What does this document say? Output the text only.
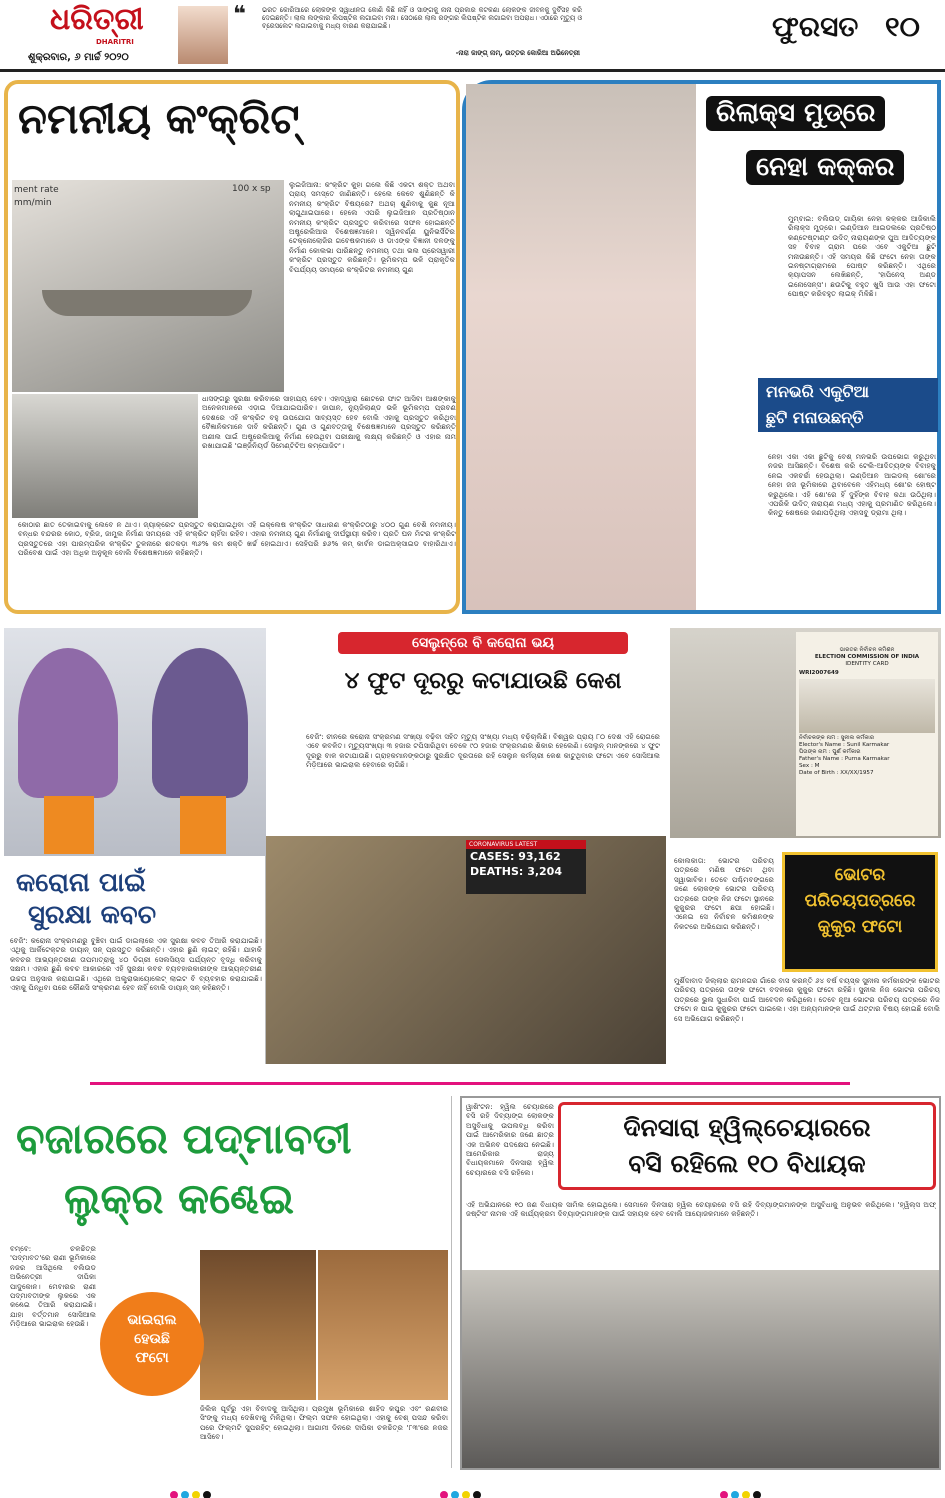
ଧରିତ୍ରୀ
DHARITRI
ଶୁକ୍ରବାର, ୬ ମାର୍ଚ୍ଚ ୨୦୨୦
❝ ଭରତ କୋରିଆରେ ଲୋକଙ୍କ ସ୍ୱାଧୀନତା କୋଣି କିଛି ନାହିଁ ଓ ସାଙ୍ଗକୁ ନାନା ପ୍ରକାର କଟକଣା ଲୋକଙ୍କ ଜୀବନକୁ ଦୁର୍ବିସହ କରି ଦେଇଛନ୍ତି। ଲାଲ ଲଙ୍କାର ଲିପଷ୍ଟିକ ଲଗାଇବା ମନା। ସେଠାରେ ଲାଲ ରଙ୍ଗର ଲିପଷ୍ଟିକ ଲଗାଇବା ଅପରାଧ। ଏଠାରେ ମୃତ୍ୟୁ ଓ ବ୍ରେସଲେଟ ଲଗାଇବାକୁ ମଧ୍ୟ ବାରଣ କରାଯାଇଛି।
-ନାରା ଜାଙ୍ଗ୍ ନାମ୍, ଉତ୍ତର କୋରିଆ ଅଭିନେତ୍ରୀ
ଫୁରସତ ୧୦
ନମନୀୟ କଂକ୍ରିଟ୍
ment rate
mm/min
100 x sp	ଲୁଇଜିଆନା: କଂକ୍ରିଟ କୁହା ଗଲେ କିଛି ଏକଟା ଶକ୍ତ ଅଥବା ପ୍ରାୟ ସମସ୍ତେ ଜାଣିଛନ୍ତି। ହେଲେ କେବେ ଶୁଣିଛନ୍ତି କି ନମନୀୟ କଂକ୍ରିଟ ବିଷୟରେ? ଅଥଚା ଶୁଣିବାକୁ କୁଛ ନୂଆ ଲାଗୁଥାଇପାରେ। ହେଲେ ଏପରି ଲୁଇଜିଆନ ପ୍ରତିଷ୍ଠାନ ନମନୀୟ କଂକ୍ରିଟ ପ୍ରସ୍ତୁତ କରିବାରେ ସଫଳ ହୋଇଛନ୍ତି ଅଷ୍ଟ୍ରେଲିଆର ବିଶେଷଜ୍ଞମାନେ। ସ୍ୱିନବର୍ଣ୍ଣ ୟୁନିଭର୍ସିଟିର ଟେକ୍ନୋଲୋଜିର ଗବେଷକମାନେ ଓ ଡାଏଙ୍କ ବିଜ୍ଞାନୀ ଦଳଙ୍କୁ ନିର୍ମାଣ କୋଲଭା ପାରିଛନ୍ତୁ ନମନୀୟ ତଥା ଭଲ ପ୍ରେସୱାରୀ କଂକ୍ରିଟ ପ୍ରସ୍ତୁତ କରିଛନ୍ତି। ଭୂମିକମ୍ପ ଭଳି ପ୍ରାକୃତିକ ବିପର୍ଯ୍ୟୟ ସମୟରେ କଂକ୍ରିଟର ନମନୀୟ ଗୁଣ
ଧାସଙ୍ଗରୁ ସୁରକ୍ଷା କରିବାରେ ସାହାଯ୍ୟ ହେବ। ଏହାଦ୍ୱାରା ଛୋଟରେ ଫାଟ ଆସିବା ଆଶଙ୍କାକୁ ଅନେକମାନରେ ଏଡ଼ାଇ ଦିଆଯାଇପାରିବ। ଜାପାନ, ନ୍ୟୁଜିଲାଣ୍ଡ ଭଳି ଭୂମିକମ୍ପ ପ୍ରବଣ ଦେଶରେ ଏହି କଂକ୍ରିଟ ବହୁ ଉପଯୋଗ ସାବ୍ୟସ୍ତ ହେବ ବୋଲି ଏହାକୁ ପ୍ରସ୍ତୁତ କରିଥିବା ବୈଜ୍ଞାନିକମାନେ ଦାବି କରିଛନ୍ତି। ଗୁଣ ଓ ଗୁଣବତ୍ତାକୁ ବିଶେଷଜ୍ଞମାନେ ପ୍ରସ୍ତୁତ କରିଛନ୍ତି ଅଣୀଲ ପାଇଁ ଅଷ୍ଟ୍ରେଲିଆକୁ ନିର୍ମାଣ ହେଉଥିବା ପରୀକ୍ଷାକୁ ଲକ୍ଷ୍ୟ କରିଛନ୍ତି ଓ ଏହାର ନାମ ରଖାଯାଇଛି 'ଇଞ୍ଜିନିୟର୍ଡ ସିମେଣ୍ଟିଟିଅ କମ୍ପୋଜିଟ'।
କୋଠାର ଛାତ ତେକାଇବାକୁ ଲେବେ ନ ଥାଏ। ଜ୍ୟାକ୍ରେଟ ପ୍ରସ୍ତୁତ କରାଯାଇଥିବା ଏହି ଇକ୍ଲେଷ କଂକ୍ରିଟ ସାଧାରଣ କଂକ୍ରିଟଠାରୁ ୪୦୦ ଗୁଣ ବେଶି ନମନୀୟ। ବନ୍ଧର ବନ୍ଦରର କୋଠ, ବ୍ରିଜ, ଜାମୁଲ ନିର୍ମାଣ ସମୟରେ ଏହି କଂକ୍ରିଟ ଚାହିଁଦା ରହିବ। ଏହାର ନମନୀୟ ଗୁଣ ନିର୍ମାଣକୁ ଦୀର୍ଘସ୍ଥାୟୀ କରିବ। ପ୍ରତି ଘନ ମିଟର କଂକ୍ରିଟ ପ୍ରସ୍ତୁତରେ ଏହା ପାରମ୍ପରିକ କଂକ୍ରିଟ ତୁଳନାରେ ଶତକଡ଼ା ୩୬% କମ ଶକ୍ତି ଖର୍ଚ୍ଚ ହୋଇଥାଏ। ସେହିପରି ୭୬% କମ୍ କାର୍ବନ ଡାଇଅକ୍ସାଇଡ ବାହାରିଥାଏ। ପରିବେଶ ପାଇଁ ଏହା ଅଧିକ ଅନୁକୂଳ ବୋଲି ବିଶେଷଜ୍ଞମାନେ କହିଛନ୍ତି।
ରିଲାକ୍ସ ମୁଡ୍‌ରେ
ନେହା କକ୍କର
ମୁମ୍ବାଇ: ବଲିଉଡ୍ ଗାୟିକା ନେହା କକ୍କର ଆଜିକାଲି ରିଲାକ୍ସ ମୁଡ୍‌ରେ। ଇଣ୍ଡିଆନ ଆଇଡଲରେ ପ୍ରତିଷ୍ଠ କଣ୍ଟେଷ୍ଟାଣ୍ଟ ଉଦିତ୍ ନାରାୟଣଙ୍କ ପୁଅ ଆଦିତ୍ୟଙ୍କ ସହ ବିବାହ ଗ୍ରାମ ପରେ ଏବେ ଏକୁଟିଆ ଛୁଟି ମନାଉଛନ୍ତି। ଏହି ସମୟର କିଛି ଫଟୋ ନେହା ତାଙ୍କ ଇନଷ୍ଟାଗ୍ରାମରେ ପୋଷ୍ଟ କରିଛନ୍ତି। ଏଥିରେ କ୍ୟାପସନ ଲେଖିଛନ୍ତି, 'ହାପିନେସ୍ ଅଣ୍ଡ ଇନୋସେନ୍ସ'। ଛଉଟିକୁ ବହୁତ ଖୁସି ଆଉ ଏହା ଫଟୋ ପୋଷ୍ଟ କରିବହୁତ ଲାଇକ୍ ମିଳିଛି।
ମନଭରି ଏକୁଟିଆ
ଛୁଟି ମନାଉଛନ୍ତି
ନେହା ଏକା ଏକା ଛୁଟିକୁ ବେଶ୍ ମନଭରି ଉପଭୋଗ କରୁଥିବା ନଜର ଆସିଛନ୍ତି। ବିଶେଷ କରି ଟେଲି-ଆଦିତ୍ୟଙ୍କ ବିବାହକୁ ନେଇ ଏକଚର୍ଚ୍ଚା ହେଉଥିଲା। ଇଣ୍ଡିଆନ ଆଇଡଲ୍ ଶୋ'ରେ ନେହା ଜଜ ଭୂମିକାରେ ଥିବାବେଳେ ଏହିମଧ୍ୟ ଶୋ'ର ହୋଷ୍ଟ କରୁଥିଲେ। ଏହି ଶୋ'ରେ ହିଁ ଦୁହିଁଙ୍କ ବିବାହ କଥା ଉଠିଥିଲା। ଏପରିକି ଉଦିତ୍ ନାରାୟଣ ମଧ୍ୟ ଏହାକୁ ପ୍ରମାଣିତ କରିଥିଲେ। କିନ୍ତୁ ଶେଷରେ ଜଣାପଡ଼ିଥିଲା ଏହାସବୁ ଡ୍ରାମା ଥିଲା।
କରୋନା ପାଇଁ
ସୁରକ୍ଷା କବଚ
ବେଜିଂ: କରୋନା ସଂକ୍ରମଣରୁ ବୁଞ୍ଚିବା ପାଇଁ ଡାଇଲାରେ ଏକ ସୁରକ୍ଷା କବଚ ତିଆରି କରାଯାଇଛି। ଏଥିକୁ ଆର୍କିଟେକ୍ଟର ଡାୟାନ୍ ସନ୍ ପ୍ରସ୍ତୁତ କରିଛନ୍ତି। ଏହାର ଛୁଣି ଲାଇଟ୍ ରହିଛି। ଯାହାକି କବଚର ଆଭ୍ୟନ୍ତରୀଣ ତାପମାତ୍ରାକୁ ୪୦ ଡିଗ୍ରୀ ସେଲସିୟସ ପର୍ଯ୍ୟନ୍ତ ବୃଦ୍ଧି କରିବାକୁ ସକ୍ଷମ। ଏହାର ଛୁଣି କବଚ ଆକାରରେ ଏହି ସୁରକ୍ଷା କବଚ ବ୍ୟବହାରକାରୀଙ୍କ ଆଭ୍ୟନ୍ତରୀଣ ଉଚ୍ଚତା ଅନୁସାର କରାଯାଇଛି। ଏଥିରେ ଅଲ୍ଟ୍ରାଭାୟୋଲେଟ୍ ଲାଇଟ ବି ବ୍ୟବହାର କରାଯାଇଛି। ଏହାକୁ ପିନ୍ଧିବା ପରେ କୌଣସି ସଂକ୍ରମଣ ହେବ ନାହିଁ ବୋଲି ଡାୟାନ୍ ସନ୍ କହିଛନ୍ତି।
ସେଲୁନ୍‌ରେ ବି କରୋନା ଭୟ
୪ ଫୁଟ ଦୂରରୁ କଟାଯାଉଛି କେଶ
ବେଜିଂ: ଚୀନରେ କରୋନା ସଂକ୍ରମଣ ସଂଖ୍ୟା ବଢ଼ିବା ସହିତ ମୃତ୍ୟୁ ସଂଖ୍ୟା ମଧ୍ୟ ବଢ଼ିଚାଲିଛି। ବିଶ୍ୱର ପ୍ରାୟ ୮୦ ଦେଶ ଏହି ରୋଗରେ ଏବେ କବଳିତ। ମୃତ୍ୟୁସଂଖ୍ୟା ୩ ହଜାର ଟପିସାରିଥିବା ବେଳେ ୯୦ ହଜାର ସଂକ୍ରମଣର ଶିକାର ହେଲେଣି। ସେଲୁନ୍ ମାନଙ୍କରେ ୪ ଫୁଟ ଦୂରରୁ ବାଳ କଟାଯାଉଛି। ଗ୍ରାହକମାନଙ୍କଠାରୁ ସୁରକ୍ଷିତ ଦୂରତାରେ ରହି ସେଲୁନ କର୍ମଚାରୀ କେଶ କାଟୁଥିବାର ଫଟୋ ଏବେ ସୋସିଆଲ ମିଡ଼ିଆରେ ଭାଇରାଲ ହେବାରେ ଲାଗିଛି।
CORONAVIRUS LATEST
CASES: 93,162
DEATHS: 3,204
ଭାରତର ନିର୍ବାଚନ କମିଶନ
ELECTION COMMISSION OF INDIA
IDENTITY CARD
WRI2007649
ନିର୍ବାଚକଙ୍କ ନାମ : ସୁନୀଲ କର୍ମକାର
Elector's Name : Sunil Karmakar
ପିତାଙ୍କ ନାମ : ପୁର୍ଣ କର୍ମକାର
Father's Name : Purna Karmakar
Sex : M
Date of Birth : XX/XX/1957
କୋଲକାତା: ଭୋଟର ପରିଚୟ ପତ୍ରରେ ମଣିଷ ଫଟୋ ଥିବା ସ୍ୱାଭାବିକ। ତେବେ ପଶ୍ଚିମବଙ୍ଗରେ ଜଣେ ଲୋକଙ୍କ ଭୋଟର ପରିଚୟ ପତ୍ରରେ ତାଙ୍କ ନିଜ ଫଟୋ ସ୍ଥାନରେ କୁକୁରର ଫଟୋ ଛପା ହୋଇଛି। ଏନେଇ ସେ ନିର୍ବାଚନ କମିଶନଙ୍କ ନିକଟରେ ଅଭିଯୋଗ କରିଛନ୍ତି।
ଭୋଟର
ପରିଚୟପତ୍ରରେ
କୁକୁର ଫଟୋ
ମୁର୍ଶିଦାବାଦ ଜିଲ୍ଲାର ରାମନଗର ଗାଁରେ ବାସ କରନ୍ତି ୬୪ ବର୍ଷ ବୟସ୍କ ସୁନୀଲ କର୍ମକାରଙ୍କ ଭୋଟର ପରିଚୟ ପତ୍ରରେ ତାଙ୍କ ଫଟୋ ବଦଳରେ କୁକୁର ଫଟୋ ରହିଛି। ସୁନୀଲ ନିଜ ଭୋଟର ପରିଚୟ ପତ୍ରରେ ଭୁଲ ସୁଧାରିବା ପାଇଁ ଆବେଦନ କରିଥିଲେ। ତେବେ ନୂଆ ଭୋଟର ପରିଚୟ ପତ୍ରରେ ନିଜ ଫଟୋ ନ ପାଇ କୁକୁରର ଫଟୋ ପାଇଲେ। ଏହା ଅନ୍ୟମାନଙ୍କ ପାଇଁ ଥଟ୍ଟାର ବିଷୟ ହୋଇଛି ବୋଲି ସେ ଅଭିଯୋଗ କରିଛନ୍ତି।
ବଜାରରେ ପଦ୍ମାବତୀ
ଲୁକ୍‌ର କଣ୍ଢେଇ
ବମ୍ବେ: ଚଳଚ୍ଚିତ୍ର 'ପଦ୍ମାବତ'ରେ ରାଣୀ ଭୂମିକାରେ ନଜର ଆସିଥିଲେ ବଲିଉଡ ଅଭିନେତ୍ରୀ ଦୀପିକା ପାଦୁକୋନ। ମେବାରର ରାଣୀ ପଦ୍ମାବତୀଙ୍କ ଲୁକରେ ଏକ କଣ୍ଢେଇ ତିଆରି କରାଯାଇଛି। ଯାହା ବର୍ତ୍ତମାନ ସୋସିଆଲ ମିଡ଼ିଆରେ ଭାଇରାଲ ହେଉଛି।	ଭାଇରାଲ
ହେଉଛି
ଫଟୋ
ଜିଲିକ ପୂର୍ବରୁ ଏହା ବିବାଦକୁ ଆସିଥିଲା। ପ୍ରମୁଖ ଭୂମିକାରେ ଶାହିଦ କପୁର ଏବଂ ରଣବୀର ସିଂଙ୍କୁ ମଧ୍ୟ ଦେଖିବାକୁ ମିଳିଥିଲା। ଫିଲ୍ମ ସଫଳ ହୋଇଥିଲା। ଏହାକୁ ବେଶ୍ ପସନ୍ଦ କରିବା ପରେ ଫିଲ୍ମଟି ସୁପରହିଟ୍ ହୋଇଥିଲା। ଆଗାମୀ ଦିନରେ ଦୀପିକା ଚଳଚ୍ଚିତ୍ର '୮୩'ରେ ନଜର ଆସିବେ।
ୱାଶିଂଟନ: ହ୍ୱିଲ ଚେୟାରରେ ବସି ରହି ଦିବ୍ୟାଙ୍ଗ ଲୋକଙ୍କ ଅସୁବିଧାକୁ ଉପଲବ୍ଧି କରିବା ପାଇଁ ଆମେରିକାର ଜଣେ ଛାତ୍ର ଏକ ଅଭିନବ ପଦକ୍ଷେପ ନେଇଛି। ଆମେରିକାର ରାଜ୍ୟ ବିଧାୟକମାନେ ଦିନସାରା ହ୍ୱିଲ ଚେୟାରରେ ବସି ରହିଲେ।
ଦିନସାରା ହ୍ୱିଲ୍‌ଚେୟାରରେ
ବସି ରହିଲେ ୧୦ ବିଧାୟକ
ଏହି ଅଭିଯାନରେ ୧୦ ଜଣ ବିଧାୟକ ସାମିଲ ହୋଇଥିଲେ। ସେମାନେ ଦିନସାରା ହ୍ୱିଲ ଚେୟାରରେ ବସି ରହି ଦିବ୍ୟାଙ୍ଗମାନଙ୍କ ଅସୁବିଧାକୁ ଅନୁଭବ କରିଥିଲେ। 'ହ୍ୱିଲ୍ସ ଅଫ୍ ଜଷ୍ଟିସ' ନାମକ ଏହି କାର୍ଯ୍ୟକ୍ରମ ଦିବ୍ୟାଙ୍ଗମାନଙ୍କ ପାଇଁ ସହାୟକ ହେବ ବୋଲି ଆୟୋଜକମାନେ କହିଛନ୍ତି।
